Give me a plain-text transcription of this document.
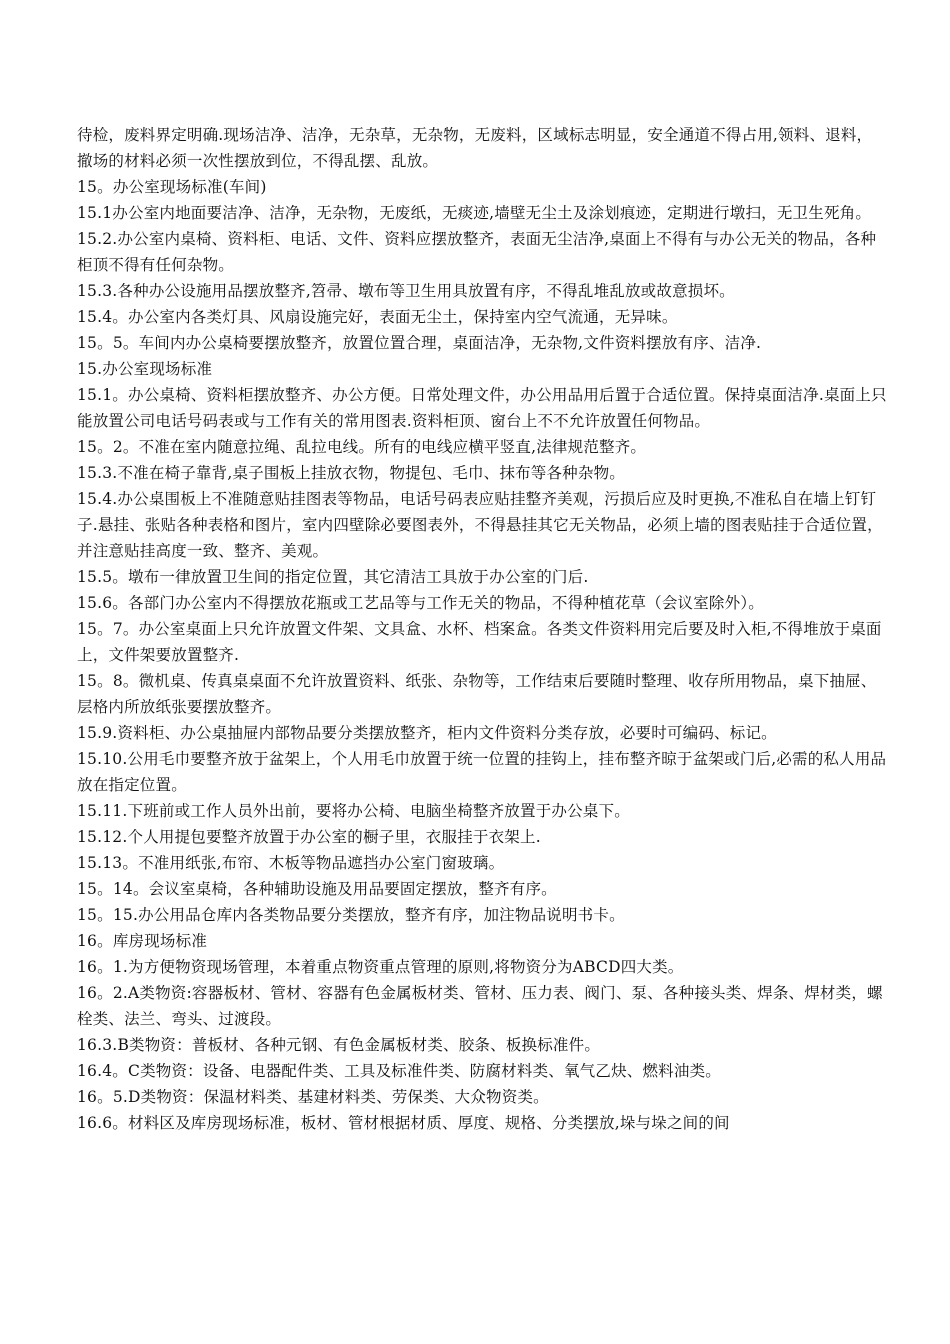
待检，废料界定明确.现场洁净、洁净，无杂草，无杂物，无废料，区域标志明显，安全通道不得占用,领料、退料，撤场的材料必须一次性摆放到位，不得乱摆、乱放。

15。办公室现场标准(车间)

15.1办公室内地面要洁净、洁净，无杂物，无废纸，无痰迹,墙壁无尘土及涂划痕迹，定期进行墩扫，无卫生死角。

15.2.办公室内桌椅、资料柜、电话、文件、资料应摆放整齐，表面无尘洁净,桌面上不得有与办公无关的物品，各种柜顶不得有任何杂物。

15.3.各种办公设施用品摆放整齐,笤帚、墩布等卫生用具放置有序，不得乱堆乱放或故意损坏。

15.4。办公室内各类灯具、风扇设施完好，表面无尘土，保持室内空气流通，无异味。

15。5。车间内办公桌椅要摆放整齐，放置位置合理，桌面洁净，无杂物,文件资料摆放有序、洁净.

15.办公室现场标准

15.1。办公桌椅、资料柜摆放整齐、办公方便。日常处理文件，办公用品用后置于合适位置。保持桌面洁净.桌面上只能放置公司电话号码表或与工作有关的常用图表.资料柜顶、窗台上不不允许放置任何物品。

15。2。不准在室内随意拉绳、乱拉电线。所有的电线应横平竖直,法律规范整齐。

15.3.不准在椅子靠背,桌子围板上挂放衣物，物提包、毛巾、抹布等各种杂物。

15.4.办公桌围板上不准随意贴挂图表等物品，电话号码表应贴挂整齐美观，污损后应及时更换,不准私自在墙上钉钉子.悬挂、张贴各种表格和图片，室内四壁除必要图表外，不得悬挂其它无关物品，必须上墙的图表贴挂于合适位置，并注意贴挂高度一致、整齐、美观。

15.5。墩布一律放置卫生间的指定位置，其它清洁工具放于办公室的门后.

15.6。各部门办公室内不得摆放花瓶或工艺品等与工作无关的物品，不得种植花草（会议室除外）。

15。7。办公室桌面上只允许放置文件架、文具盒、水杯、档案盒。各类文件资料用完后要及时入柜,不得堆放于桌面上，文件架要放置整齐.

15。8。微机桌、传真桌桌面不允许放置资料、纸张、杂物等，工作结束后要随时整理、收存所用物品，桌下抽屉、层格内所放纸张要摆放整齐。

15.9.资料柜、办公桌抽屉内部物品要分类摆放整齐，柜内文件资料分类存放，必要时可编码、标记。

15.10.公用毛巾要整齐放于盆架上，个人用毛巾放置于统一位置的挂钩上，挂布整齐晾于盆架或门后,必需的私人用品放在指定位置。

15.11.下班前或工作人员外出前，要将办公椅、电脑坐椅整齐放置于办公桌下。

15.12.个人用提包要整齐放置于办公室的橱子里，衣服挂于衣架上.

15.13。不准用纸张,布帘、木板等物品遮挡办公室门窗玻璃。

15。14。会议室桌椅，各种辅助设施及用品要固定摆放，整齐有序。

15。15.办公用品仓库内各类物品要分类摆放，整齐有序，加注物品说明书卡。

16。库房现场标准

16。1.为方便物资现场管理，本着重点物资重点管理的原则,将物资分为ABCD四大类。

16。2.A类物资:容器板材、管材、容器有色金属板材类、管材、压力表、阀门、泵、各种接头类、焊条、焊材类，螺栓类、法兰、弯头、过渡段。

16.3.B类物资：普板材、各种元钢、有色金属板材类、胶条、板换标准件。

16.4。C类物资：设备、电器配件类、工具及标准件类、防腐材料类、氧气乙炔、燃料油类。

16。5.D类物资：保温材料类、基建材料类、劳保类、大众物资类。

16.6。材料区及库房现场标准，板材、管材根据材质、厚度、规格、分类摆放,垛与垛之间的间
